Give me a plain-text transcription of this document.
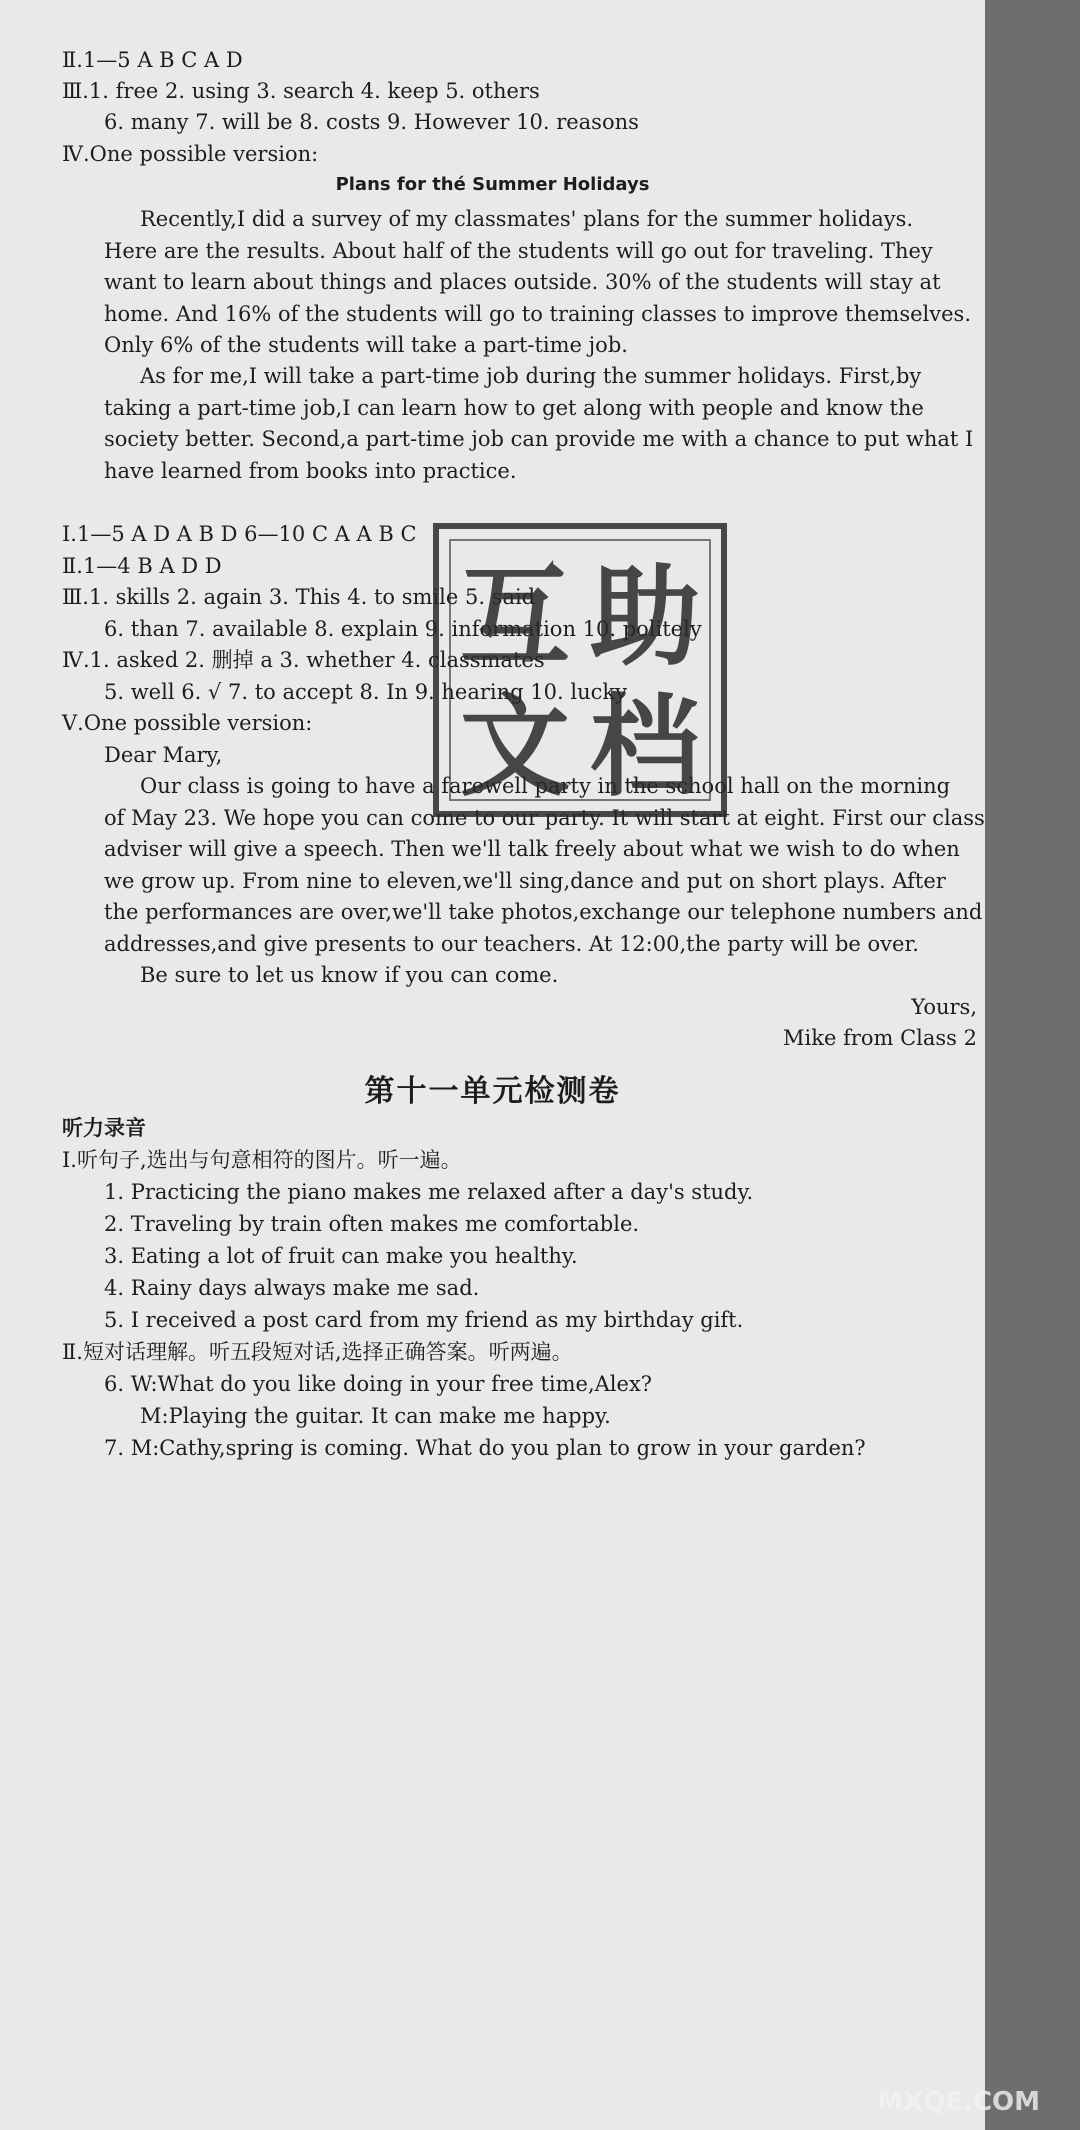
Ⅱ.1—5 A B C A D
Ⅲ.1. free 2. using 3. search 4. keep 5. others
6. many 7. will be 8. costs 9. However 10. reasons
Ⅳ.One possible version:
Plans for thé Summer Holidays
Recently,I did a survey of my classmates' plans for the summer holidays.
Here are the results. About half of the students will go out for traveling. They
want to learn about things and places outside. 30% of the students will stay at
home. And 16% of the students will go to training classes to improve themselves.
Only 6% of the students will take a part-time job.
As for me,I will take a part-time job during the summer holidays. First,by
taking a part-time job,I can learn how to get along with people and know the
society better. Second,a part-time job can provide me with a chance to put what I
have learned from books into practice.
Ⅰ.1—5 A D A B D 6—10 C A A B C
Ⅱ.1—4 B A D D
Ⅲ.1. skills 2. again 3. This 4. to smile 5. said
6. than 7. available 8. explain 9. information 10. politely
Ⅳ.1. asked 2. 删掉 a 3. whether 4. classmates
5. well 6. √ 7. to accept 8. In 9. hearing 10. lucky
Ⅴ.One possible version:
Dear Mary,
Our class is going to have a farewell party in the school hall on the morning
of May 23. We hope you can come to our party. It will start at eight. First our class
adviser will give a speech. Then we'll talk freely about what we wish to do when
we grow up. From nine to eleven,we'll sing,dance and put on short plays. After
the performances are over,we'll take photos,exchange our telephone numbers and
addresses,and give presents to our teachers. At 12:00,the party will be over.
Be sure to let us know if you can come.
Yours,
Mike from Class 2
第十一单元检测卷
听力录音
Ⅰ.听句子,选出与句意相符的图片。听一遍。
1. Practicing the piano makes me relaxed after a day's study.
2. Traveling by train often makes me comfortable.
3. Eating a lot of fruit can make you healthy.
4. Rainy days always make me sad.
5. I received a post card from my friend as my birthday gift.
Ⅱ.短对话理解。听五段短对话,选择正确答案。听两遍。
6. W:What do you like doing in your free time,Alex?
M:Playing the guitar. It can make me happy.
7. M:Cathy,spring is coming. What do you plan to grow in your garden?
互 助
文 档
MXQE.COM
